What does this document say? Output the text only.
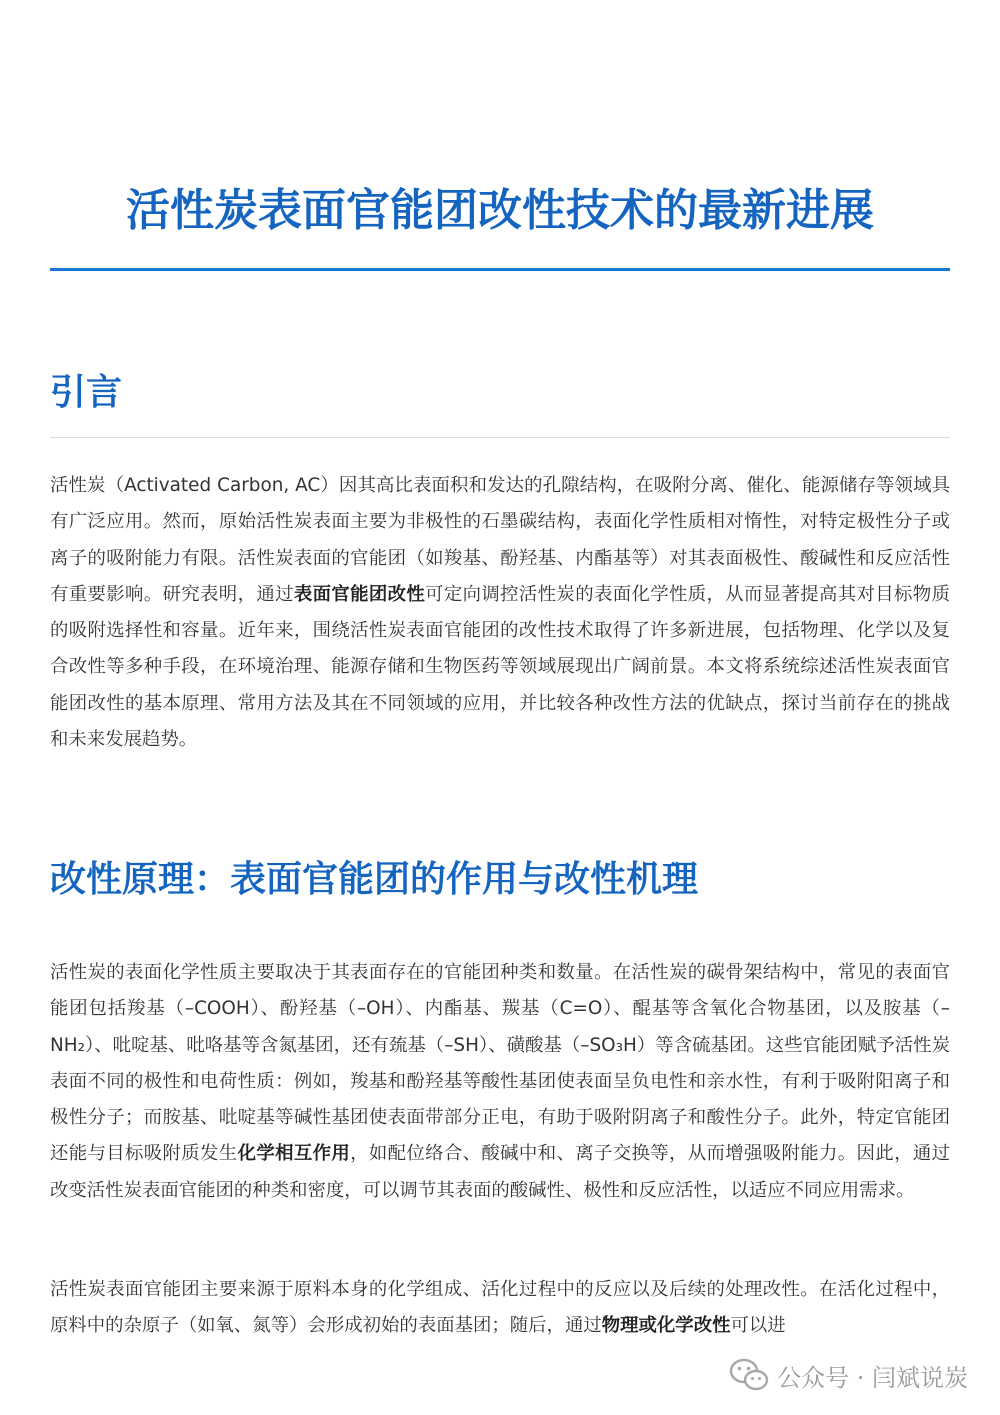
活性炭表面官能团改性技术的最新进展
引言

活性炭（Activated Carbon, AC）因其高比表面积和发达的孔隙结构，在吸附分离、催化、能源储存等领域具有广泛应用。然而，原始活性炭表面主要为非极性的石墨碳结构，表面化学性质相对惰性，对特定极性分子或离子的吸附能力有限。活性炭表面的官能团（如羧基、酚羟基、内酯基等）对其表面极性、酸碱性和反应活性有重要影响。研究表明，通过表面官能团改性可定向调控活性炭的表面化学性质，从而显著提高其对目标物质的吸附选择性和容量。近年来，围绕活性炭表面官能团的改性技术取得了许多新进展，包括物理、化学以及复合改性等多种手段，在环境治理、能源存储和生物医药等领域展现出广阔前景。本文将系统综述活性炭表面官能团改性的基本原理、常用方法及其在不同领域的应用，并比较各种改性方法的优缺点，探讨当前存在的挑战和未来发展趋势。

改性原理：表面官能团的作用与改性机理

活性炭的表面化学性质主要取决于其表面存在的官能团种类和数量。在活性炭的碳骨架结构中，常见的表面官能团包括羧基（–COOH）、酚羟基（–OH）、内酯基、羰基（C=O）、醌基等含氧化合物基团，以及胺基（–NH₂）、吡啶基、吡咯基等含氮基团，还有巯基（–SH）、磺酸基（–SO₃H）等含硫基团。这些官能团赋予活性炭表面不同的极性和电荷性质：例如，羧基和酚羟基等酸性基团使表面呈负电性和亲水性，有利于吸附阳离子和极性分子；而胺基、吡啶基等碱性基团使表面带部分正电，有助于吸附阴离子和酸性分子。此外，特定官能团还能与目标吸附质发生化学相互作用，如配位络合、酸碱中和、离子交换等，从而增强吸附能力。因此，通过改变活性炭表面官能团的种类和密度，可以调节其表面的酸碱性、极性和反应活性，以适应不同应用需求。

活性炭表面官能团主要来源于原料本身的化学组成、活化过程中的反应以及后续的处理改性。在活化过程中，原料中的杂原子（如氧、氮等）会形成初始的表面基团；随后，通过物理或化学改性可以进

公众号 · 闫斌说炭
